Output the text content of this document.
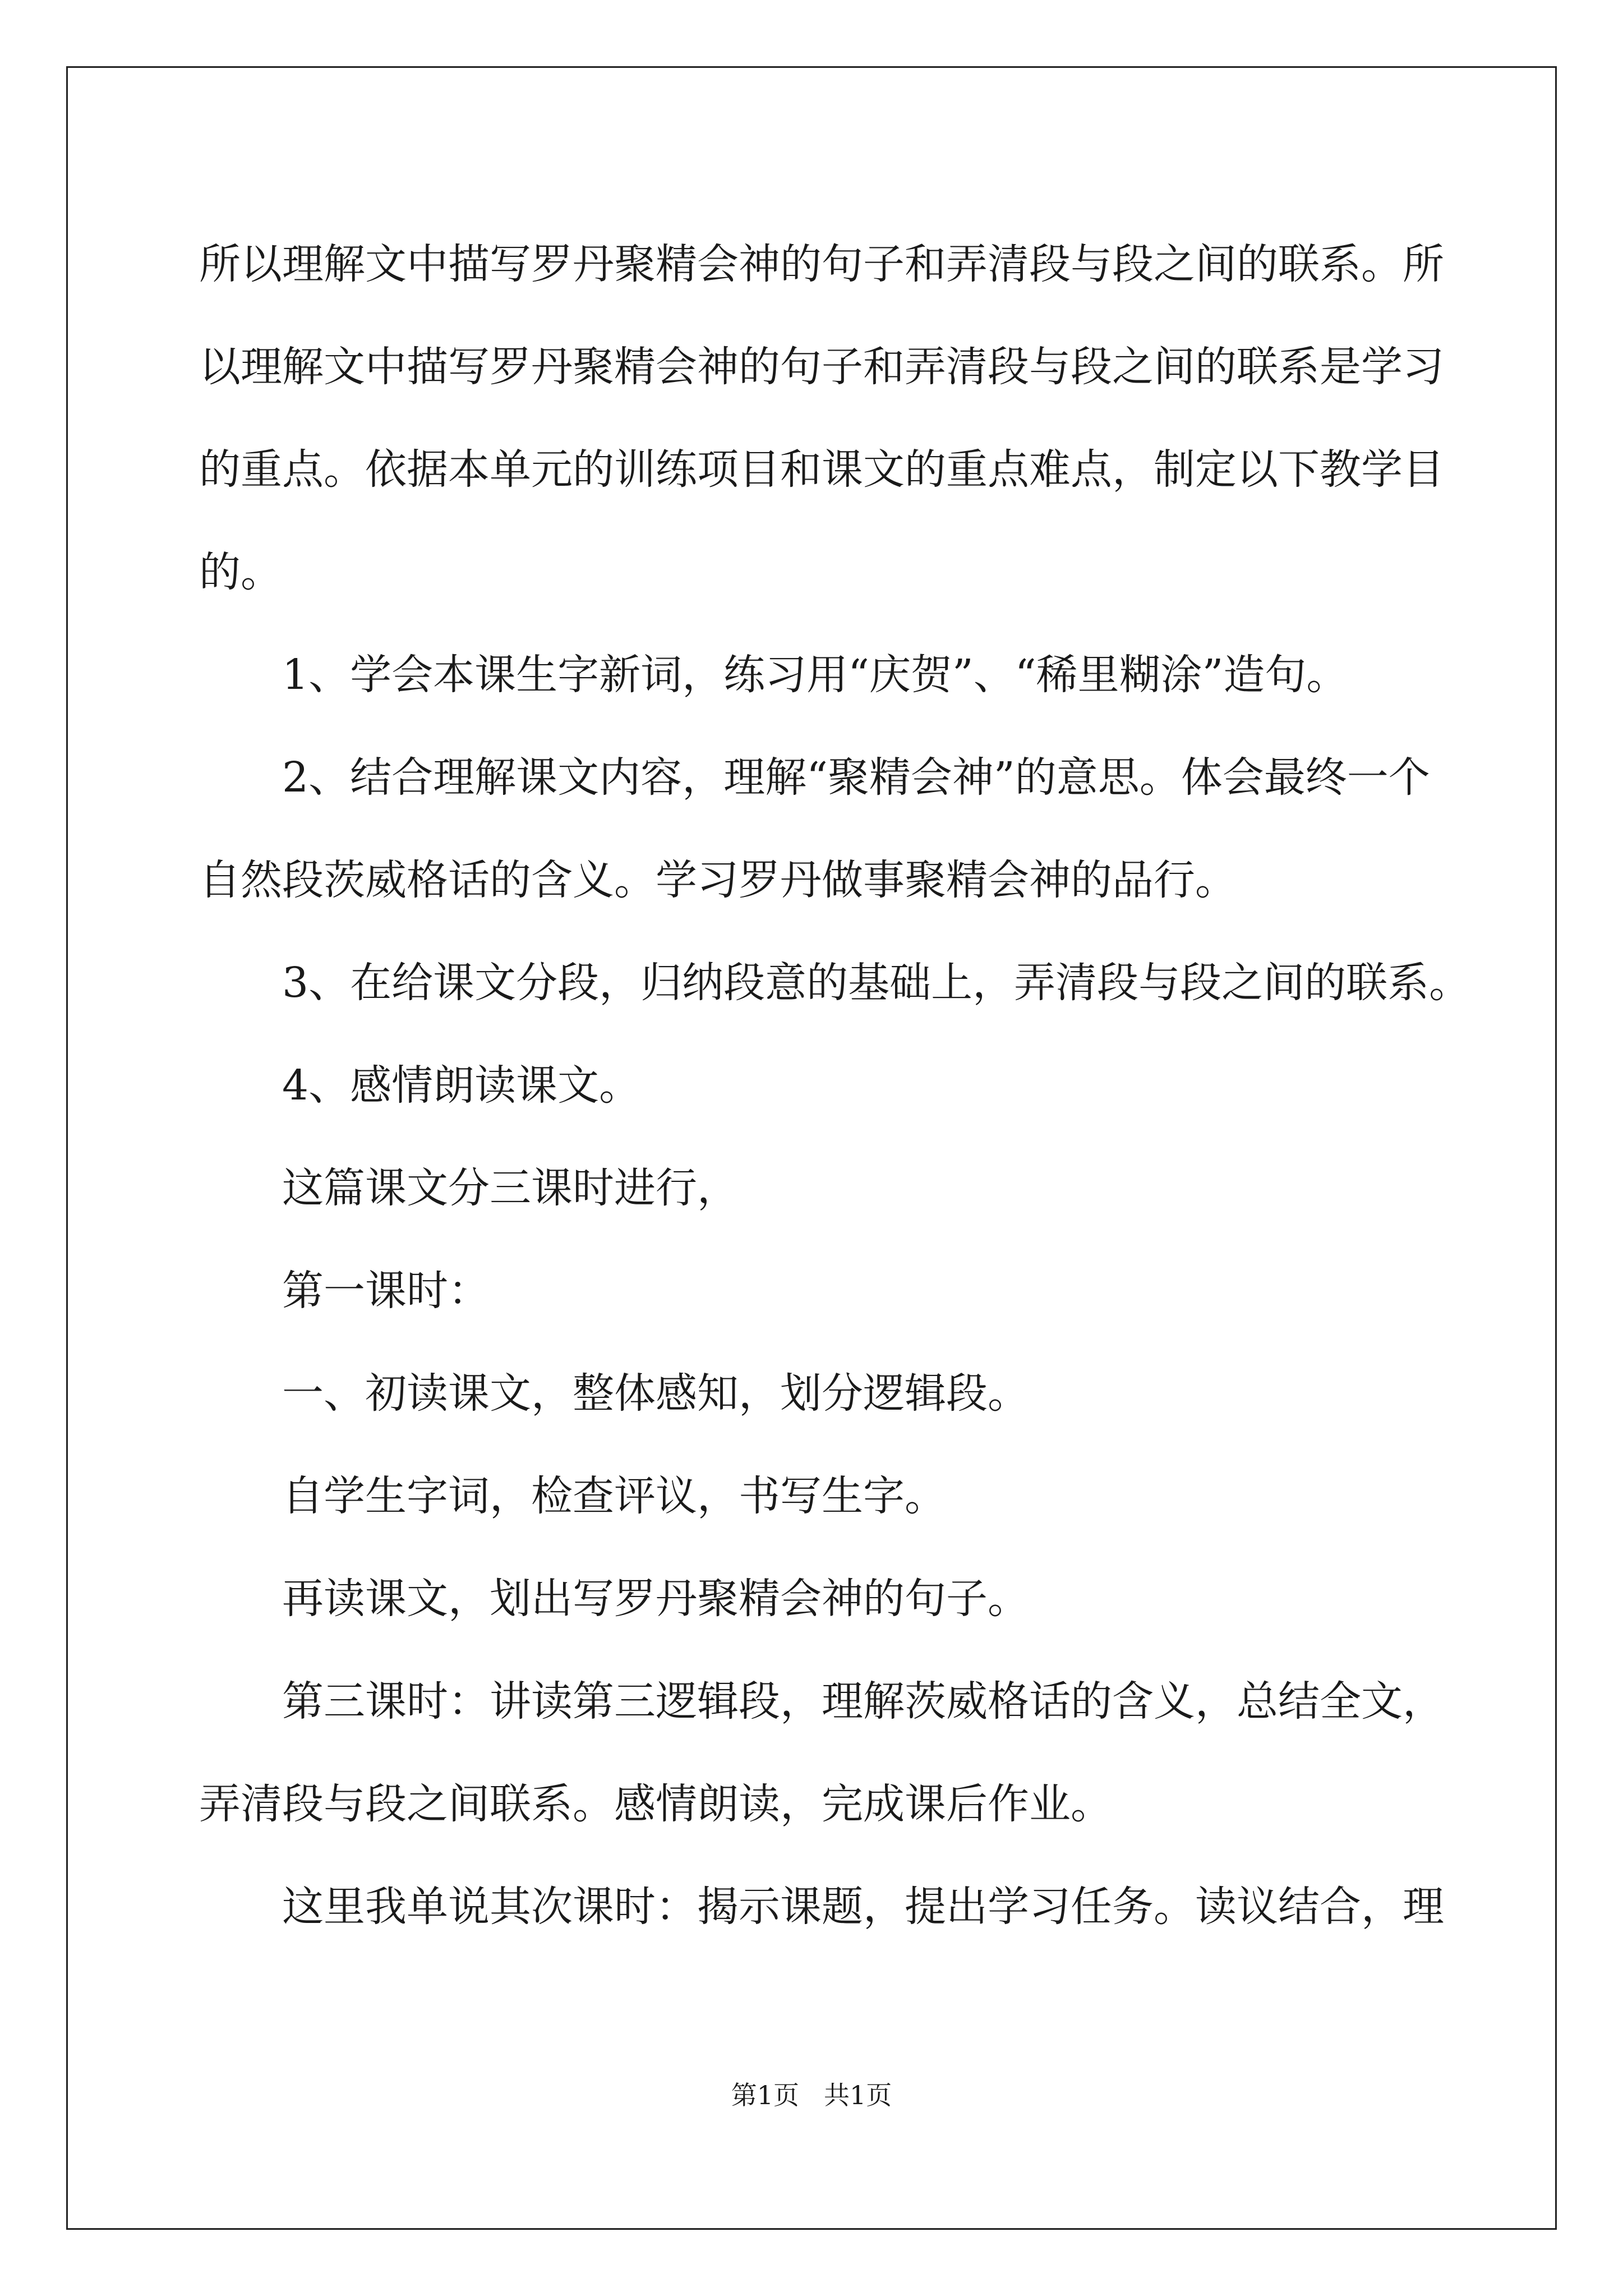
所以理解文中描写罗丹聚精会神的句子和弄清段与段之间的联系。所

以理解文中描写罗丹聚精会神的句子和弄清段与段之间的联系是学习

的重点。依据本单元的训练项目和课文的重点难点，制定以下教学目

的。

1、学会本课生字新词，练习用“庆贺”、“稀里糊涂”造句。

2、结合理解课文内容，理解“聚精会神”的意思。体会最终一个

自然段茨威格话的含义。学习罗丹做事聚精会神的品行。

3、在给课文分段，归纳段意的基础上，弄清段与段之间的联系。

4、感情朗读课文。

这篇课文分三课时进行，

第一课时：

一、初读课文，整体感知，划分逻辑段。

自学生字词，检查评议，书写生字。

再读课文，划出写罗丹聚精会神的句子。

第三课时：讲读第三逻辑段，理解茨威格话的含义，总结全文，

弄清段与段之间联系。感情朗读，完成课后作业。

这里我单说其次课时：揭示课题，提出学习任务。读议结合，理

第1页 共1页
